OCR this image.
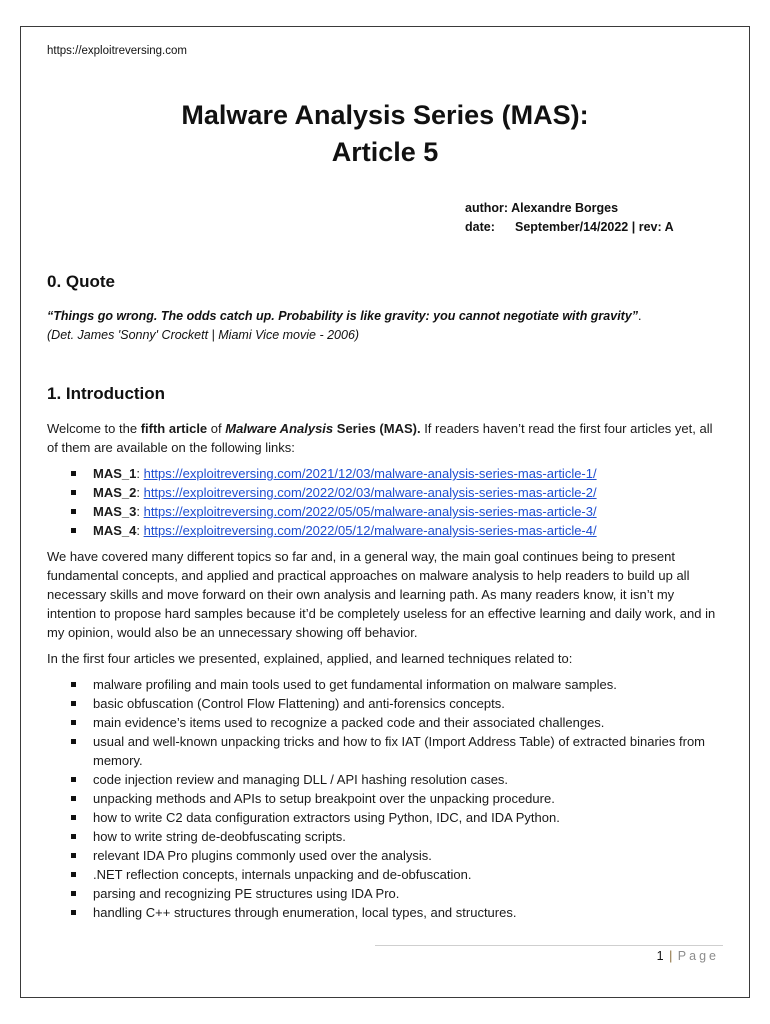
https://exploitreversing.com
Malware Analysis Series (MAS):
Article 5
author: Alexandre Borges
date: September/14/2022 | rev: A
0. Quote
“Things go wrong. The odds catch up. Probability is like gravity: you cannot negotiate with gravity”.
(Det. James 'Sonny' Crockett | Miami Vice movie - 2006)
1. Introduction

Welcome to the fifth article of Malware Analysis Series (MAS). If readers haven’t read the first four articles yet, all of them are available on the following links:

MAS_1: https://exploitreversing.com/2021/12/03/malware-analysis-series-mas-article-1/
MAS_2: https://exploitreversing.com/2022/02/03/malware-analysis-series-mas-article-2/
MAS_3: https://exploitreversing.com/2022/05/05/malware-analysis-series-mas-article-3/
MAS_4: https://exploitreversing.com/2022/05/12/malware-analysis-series-mas-article-4/

We have covered many different topics so far and, in a general way, the main goal continues being to present fundamental concepts, and applied and practical approaches on malware analysis to help readers to build up all necessary skills and move forward on their own analysis and learning path. As many readers know, it isn’t my intention to propose hard samples because it’d be completely useless for an effective learning and daily work, and in my opinion, would also be an unnecessary showing off behavior.

In the first four articles we presented, explained, applied, and learned techniques related to:

malware profiling and main tools used to get fundamental information on malware samples.
basic obfuscation (Control Flow Flattening) and anti-forensics concepts.
main evidence’s items used to recognize a packed code and their associated challenges.
usual and well-known unpacking tricks and how to fix IAT (Import Address Table) of extracted binaries from memory.
code injection review and managing DLL / API hashing resolution cases.
unpacking methods and APIs to setup breakpoint over the unpacking procedure.
how to write C2 data configuration extractors using Python, IDC, and IDA Python.
how to write string de-deobfuscating scripts.
relevant IDA Pro plugins commonly used over the analysis.
.NET reflection concepts, internals unpacking and de-obfuscation.
parsing and recognizing PE structures using IDA Pro.
handling C++ structures through enumeration, local types, and structures.
1 | Page
